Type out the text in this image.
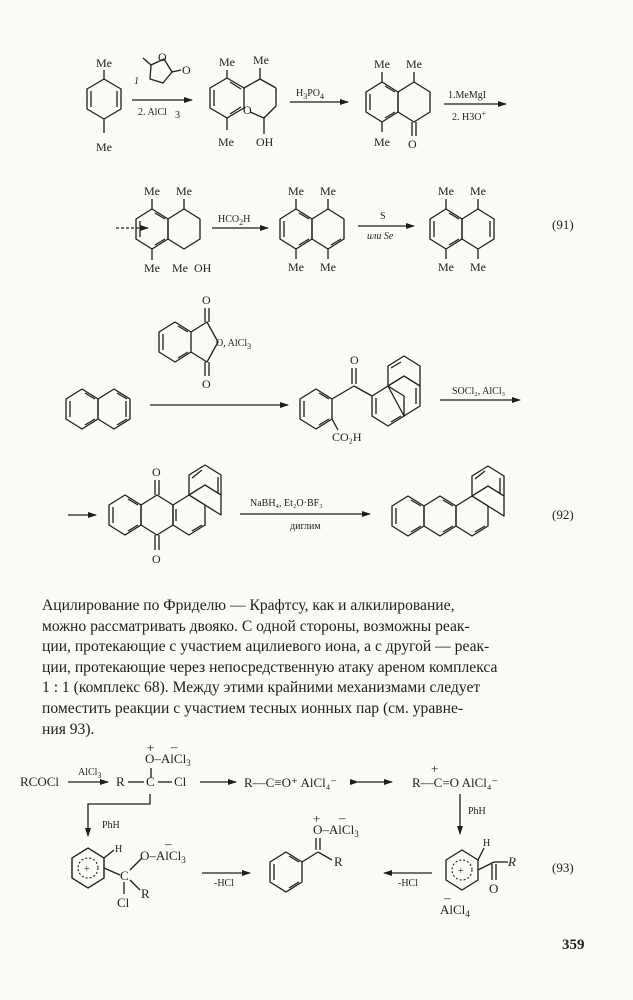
Me
Me
O
O
1
2. AlCl 3
Me Me
Me
O
OH
$H_3PO_4$
Me Me
Me O
1.MeMgI
2. H3O+
Me Me
Me Me OH
$HCO_2H$
Me Me
Me Me
S
или Se
Me Me
Me Me
(91)
O
O
O, AlCl$_3$
O
CO₂H
SOCl₂, AlCl₃
O
O
NaBH₄, Et₂O·BF₃
диглим
(92)
RCOCl
AlCl$_3$
+
O–AlCl$_3$
–
R C Cl	R—C≡O⁺ AlCl₄⁻	R—C=O AlCl₄⁻
+
PhH
PhH
+
H
C
O–AlCl$_3$
–
R
Cl
-HCl
R
+
O–AlCl$_3$
–
-HCl
+
H
R
O
AlCl$_4$
–
(93)
Ацилирование по Фриделю — Крафтсу, как и алкилирование,
можно рассматривать двояко. С одной стороны, возможны реак-
ции, протекающие с участием ацилиевого иона, а с другой — реак-
ции, протекающие через непосредственную атаку ареном комплекса
1 : 1 (комплекс 68). Между этими крайними механизмами следует
поместить реакции с участием тесных ионных пар (см. уравне-
ния 93).
359
